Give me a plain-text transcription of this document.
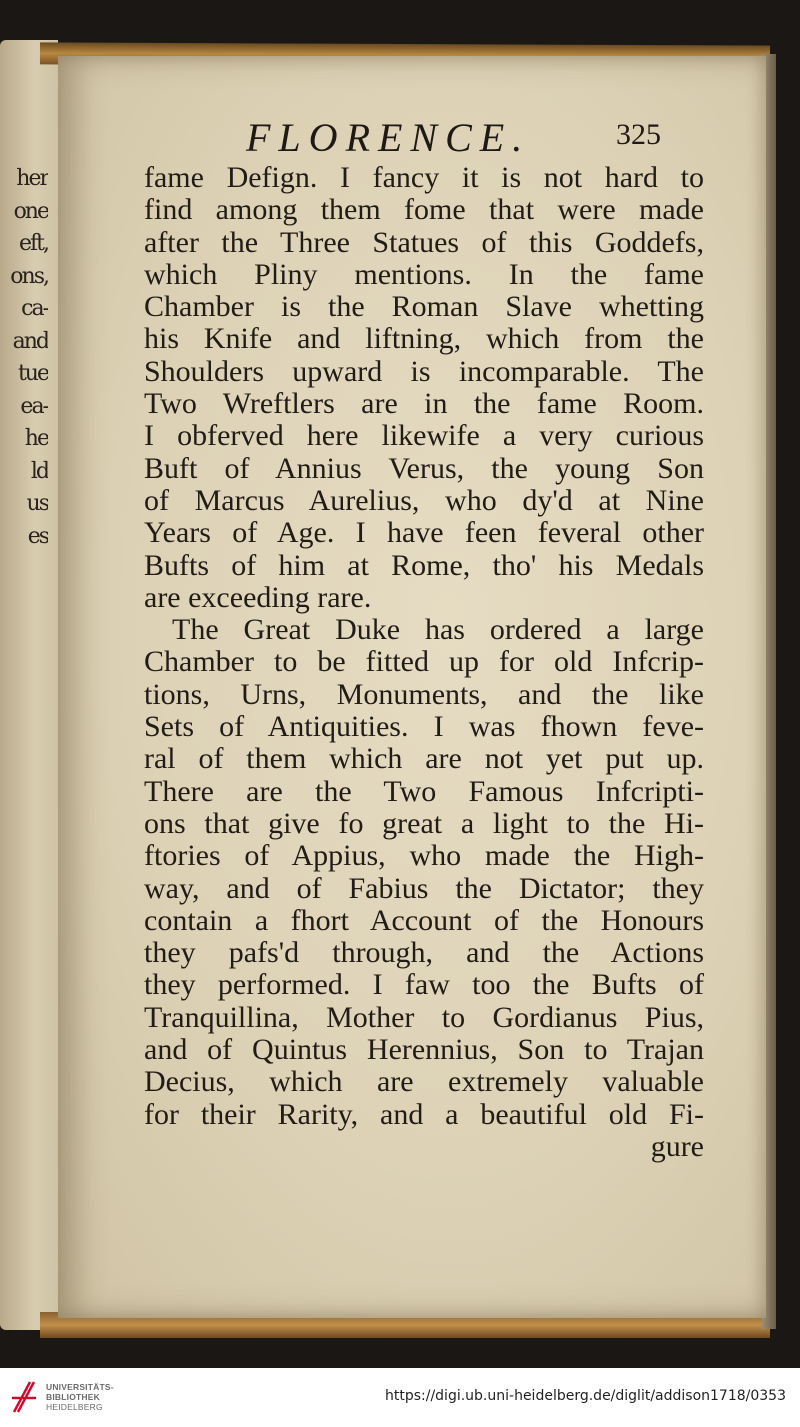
her
one
eft,
ons,
ca-
and
tue
ea-
he
ld
us
es
FLORENCE.	325
fame Defign. I fancy it is not hard to
find among them fome that were made
after the Three Statues of this Goddefs,
which Pliny mentions. In the fame
Chamber is the Roman Slave whetting
his Knife and liftning, which from the
Shoulders upward is incomparable. The
Two Wreftlers are in the fame Room.
I obferved here likewife a very curious
Buft of Annius Verus, the young Son
of Marcus Aurelius, who dy'd at Nine
Years of Age. I have feen feveral other
Bufts of him at Rome, tho' his Medals
are exceeding rare.
The Great Duke has ordered a large
Chamber to be fitted up for old Infcrip-
tions, Urns, Monuments, and the like
Sets of Antiquities. I was fhown feve-
ral of them which are not yet put up.
There are the Two Famous Infcripti-
ons that give fo great a light to the Hi-
ftories of Appius, who made the High-
way, and of Fabius the Dictator; they
contain a fhort Account of the Honours
they pafs'd through, and the Actions
they performed. I faw too the Bufts of
Tranquillina, Mother to Gordianus Pius,
and of Quintus Herennius, Son to Trajan
Decius, which are extremely valuable
for their Rarity, and a beautiful old Fi-
gure
UNIVERSITÄTS-
BIBLIOTHEK
HEIDELBERG
https://digi.ub.uni-heidelberg.de/diglit/addison1718/0353
